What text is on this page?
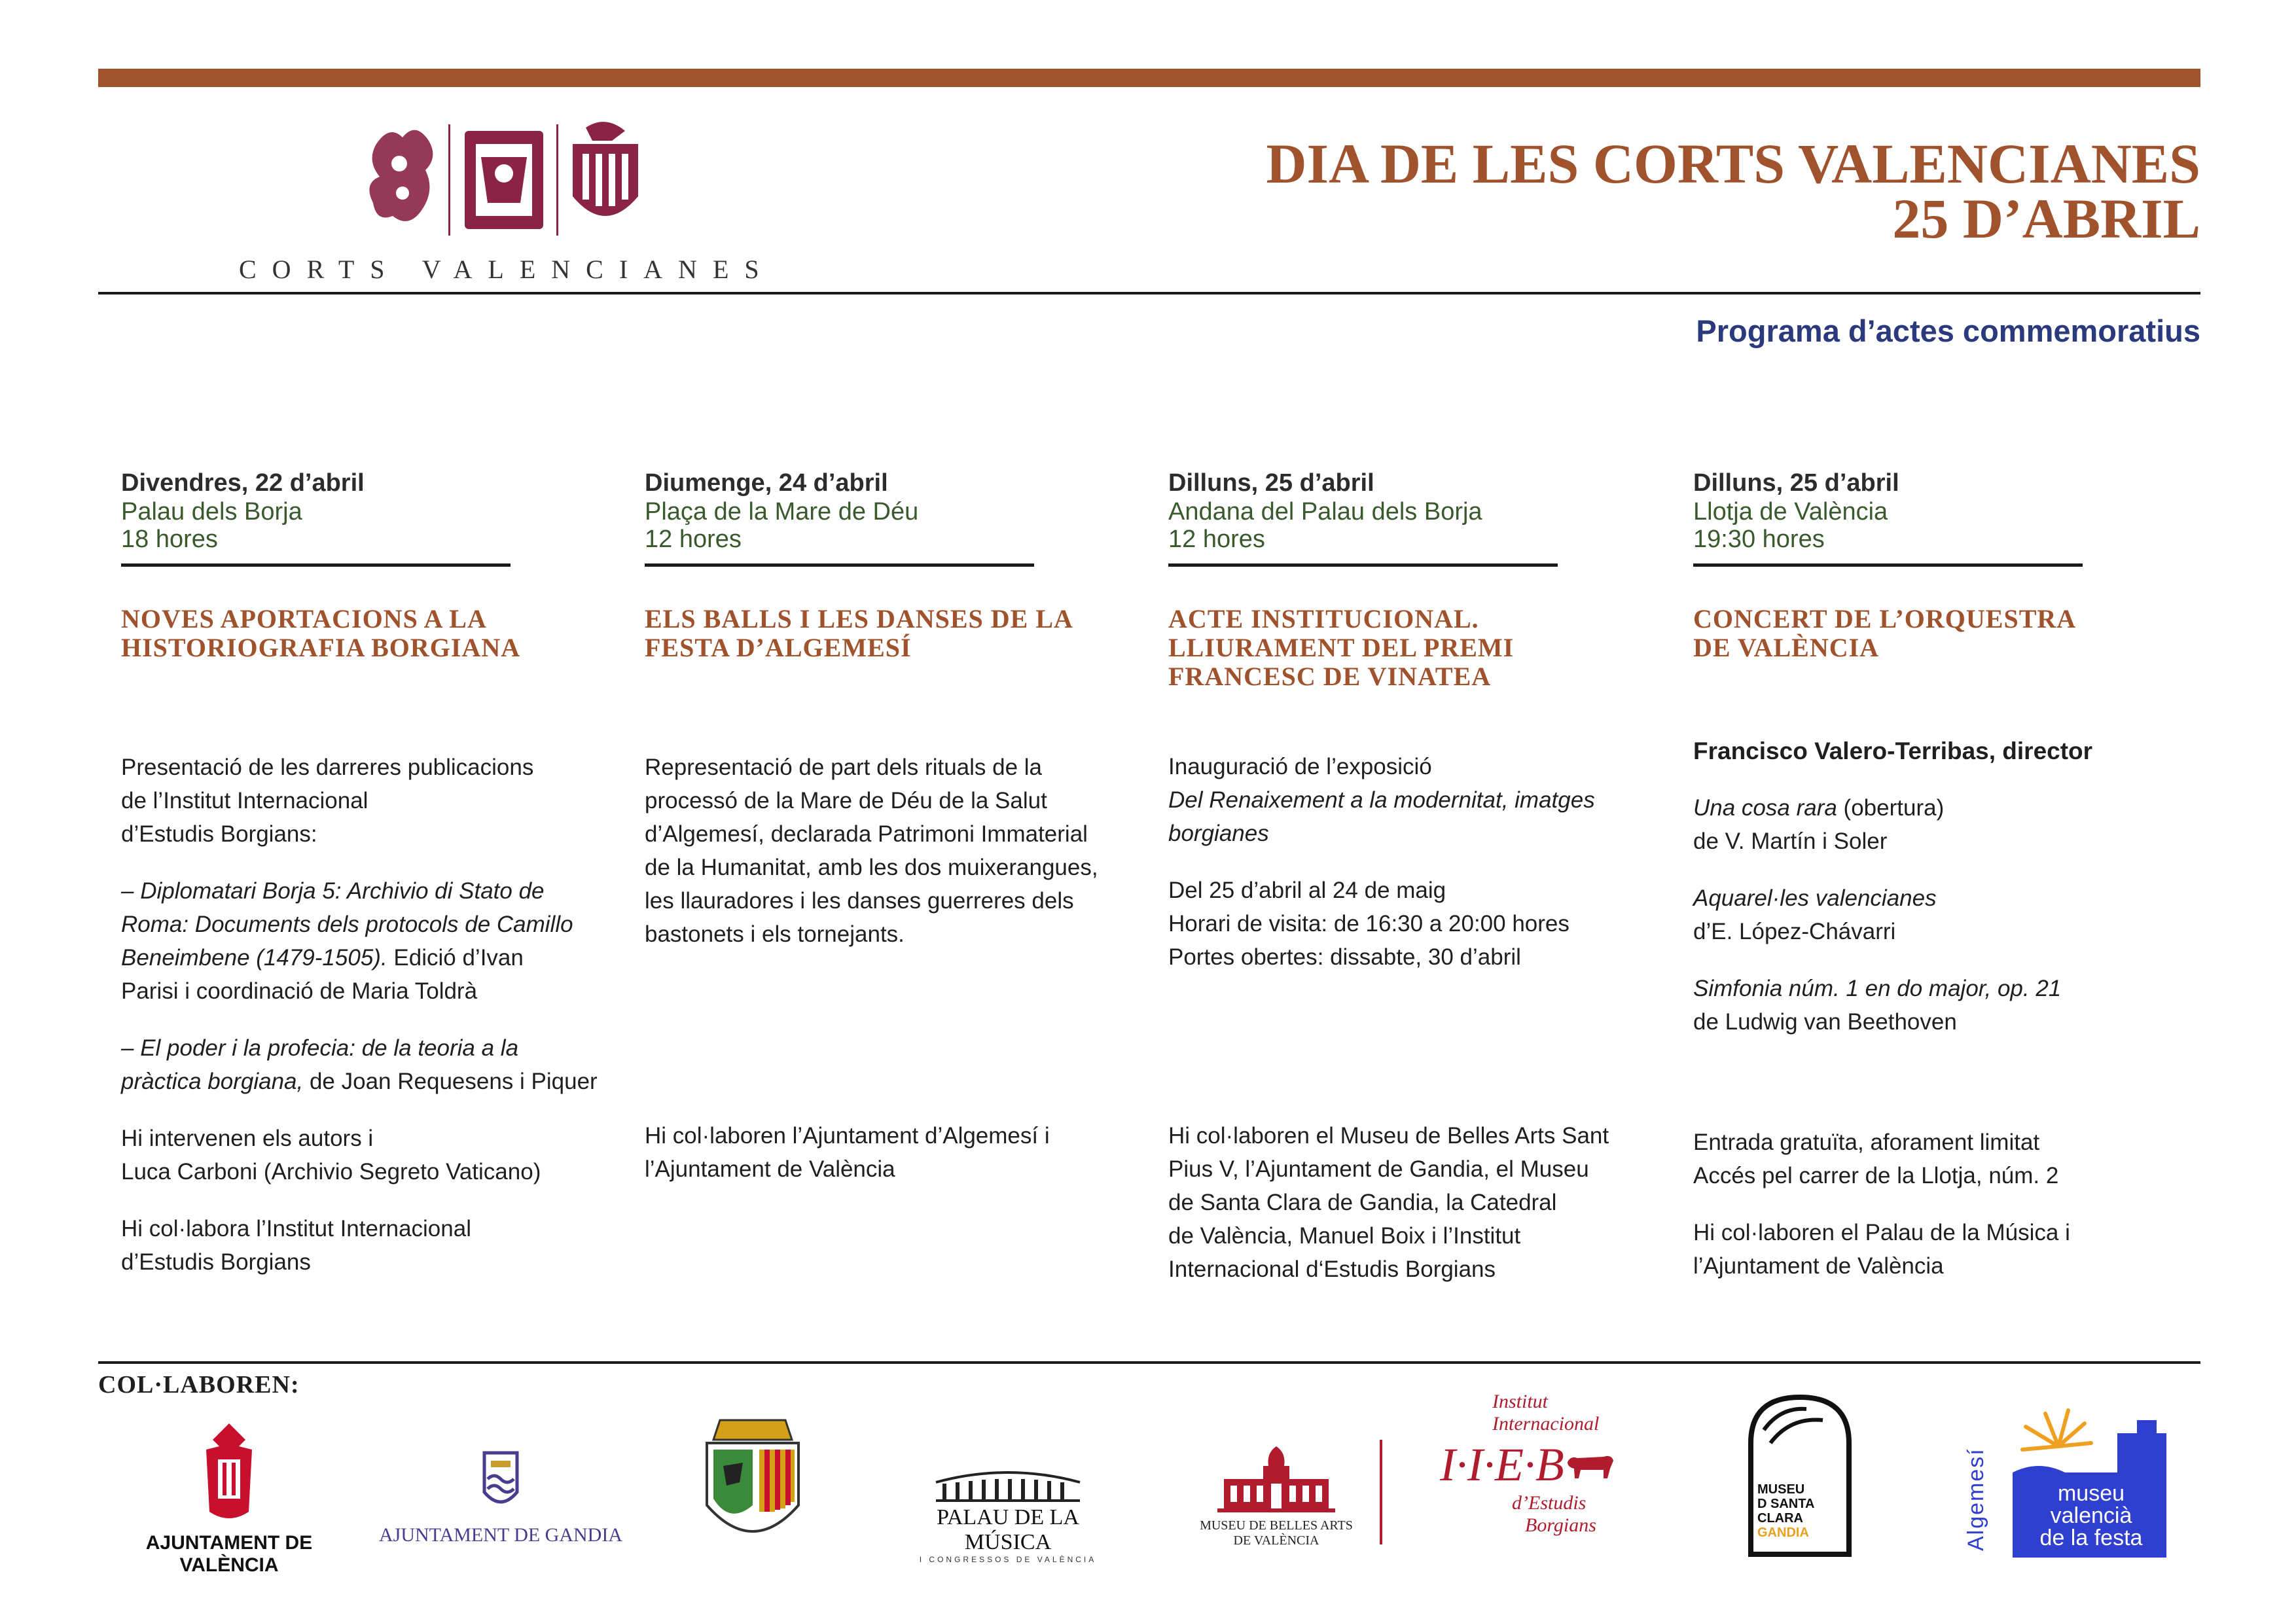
CORTS VALENCIANES
DIA DE LES CORTS VALENCIANES
25 D’ABRIL
Programa d’actes commemoratius
Divendres, 22 d’abril
Palau dels Borja
18 hores
NOVES APORTACIONS A LA
HISTORIOGRAFIA BORGIANA

Presentació de les darreres publicacions

de l’Institut Internacional

d’Estudis Borgians:

– Diplomatari Borja 5: Archivio di Stato de

Roma: Documents dels protocols de Camillo

Beneimbene (1479-1505). Edició d’Ivan

Parisi i coordinació de Maria Toldrà

– El poder i la profecia: de la teoria a la

pràctica borgiana, de Joan Requesens i Piquer

Hi intervenen els autors i

Luca Carboni (Archivio Segreto Vaticano)

Hi col·labora l’Institut Internacional

d’Estudis Borgians

Diumenge, 24 d’abril
Plaça de la Mare de Déu
12 hores
ELS BALLS I LES DANSES DE LA
FESTA D’ALGEMESÍ

Representació de part dels rituals de la

processó de la Mare de Déu de la Salut

d’Algemesí, declarada Patrimoni Immaterial

de la Humanitat, amb les dos muixerangues,

les llauradores i les danses guerreres dels

bastonets i els tornejants.

Hi col·laboren l’Ajuntament d’Algemesí i

l’Ajuntament de València

Dilluns, 25 d’abril
Andana del Palau dels Borja
12 hores
ACTE INSTITUCIONAL.
LLIURAMENT DEL PREMI
FRANCESC DE VINATEA

Inauguració de l’exposició

Del Renaixement a la modernitat, imatges

borgianes

Del 25 d’abril al 24 de maig

Horari de visita: de 16:30 a 20:00 hores

Portes obertes: dissabte, 30 d’abril

Hi col·laboren el Museu de Belles Arts Sant

Pius V, l’Ajuntament de Gandia, el Museu

de Santa Clara de Gandia, la Catedral

de València, Manuel Boix i l’Institut

Internacional d‘Estudis Borgians

Dilluns, 25 d’abril
Llotja de València
19:30 hores
CONCERT DE L’ORQUESTRA
DE VALÈNCIA

Francisco Valero-Terribas, director

Una cosa rara (obertura)

de V. Martín i Soler

Aquarel·les valencianes

d’E. López-Chávarri

Simfonia núm. 1 en do major, op. 21

de Ludwig van Beethoven

Entrada gratuïta, aforament limitat

Accés pel carrer de la Llotja, núm. 2

Hi col·laboren el Palau de la Música i

l’Ajuntament de València

COL·LABOREN:
AJUNTAMENT DE VALÈNCIA
AJUNTAMENT DE GANDIA
PALAU DE LA MÚSICA
I CONGRESSOS DE VALÈNCIA
MUSEU DE BELLES ARTS
DE VALÈNCIA
Institut
Internacional
I·I·E·B
d’Estudis
Borgians
MUSEU
D SANTA
CLARA
GANDIA	Algemesí	museu
valencià
de la festa
